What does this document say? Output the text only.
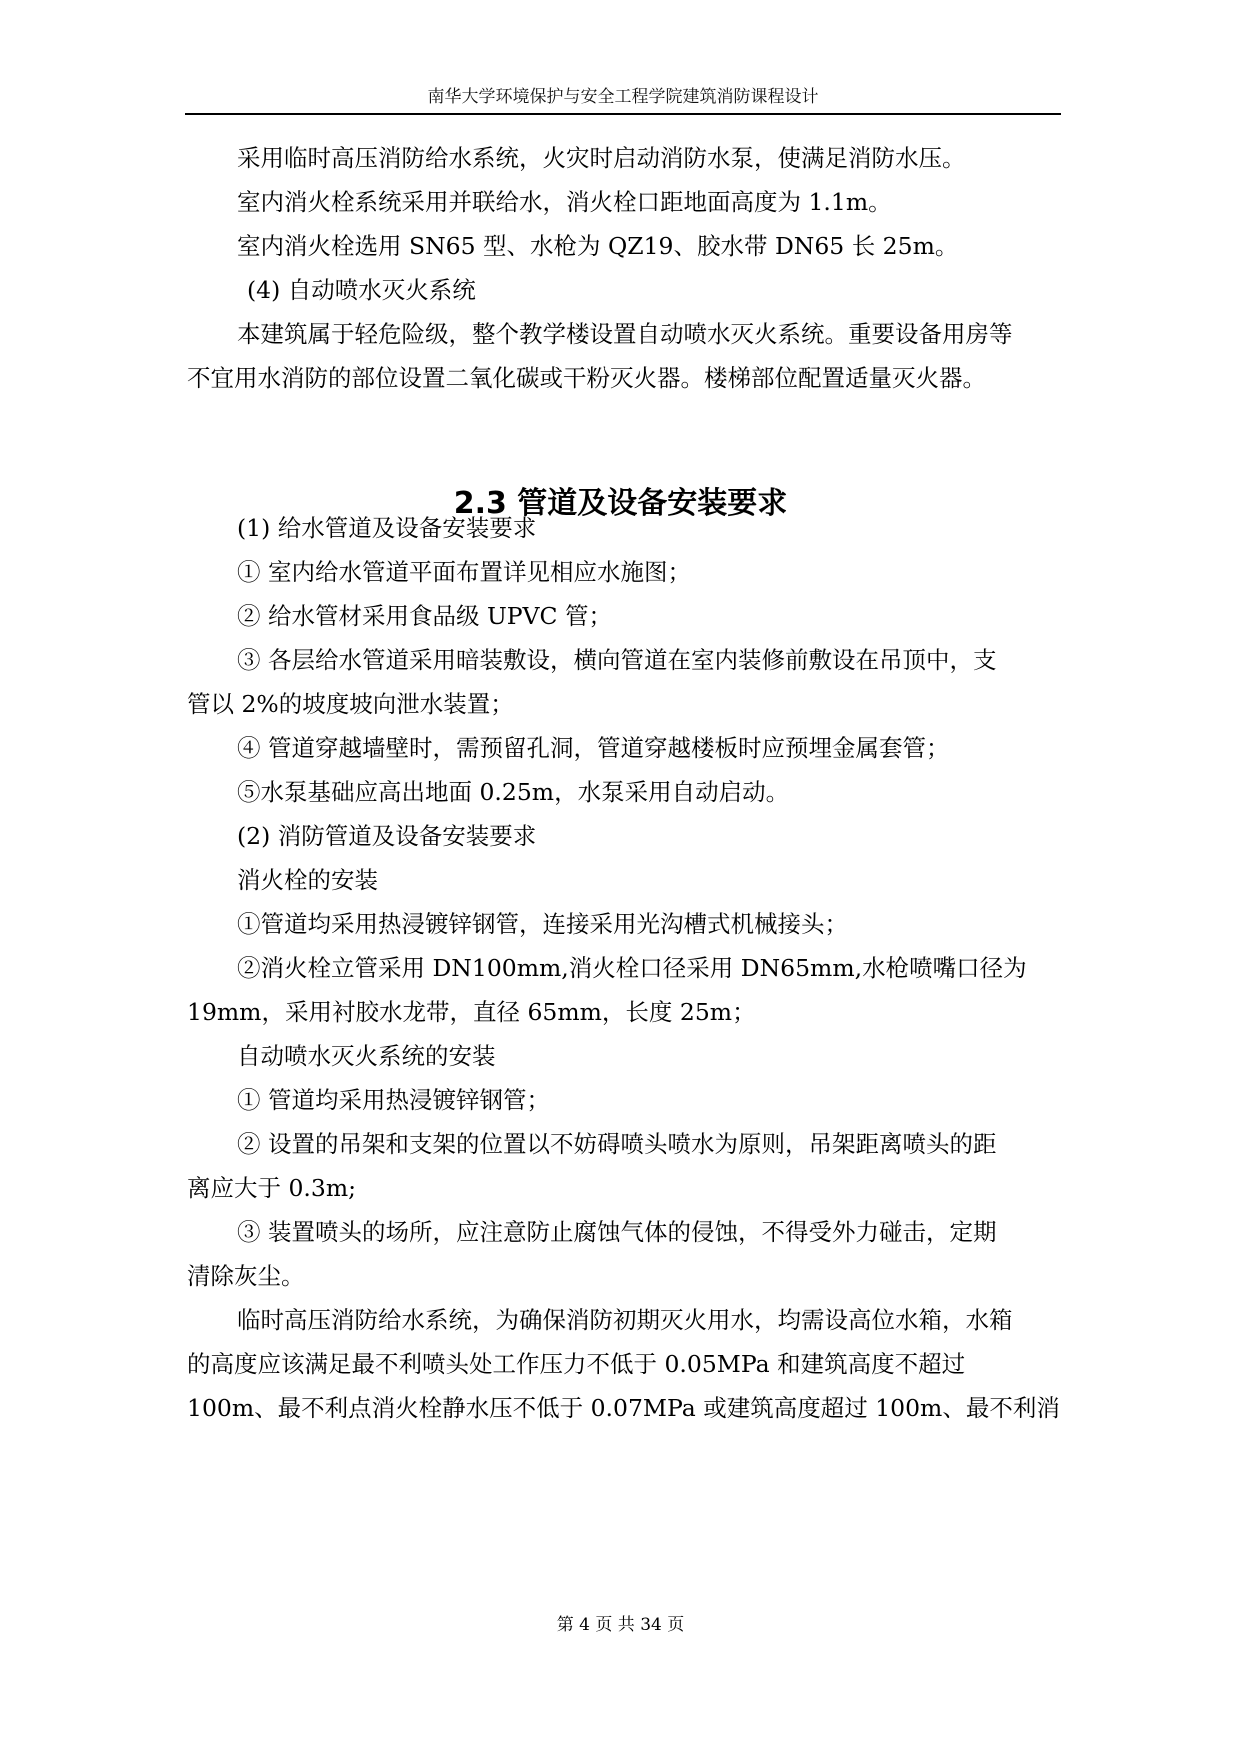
南华大学环境保护与安全工程学院建筑消防课程设计
采用临时高压消防给水系统，火灾时启动消防水泵，使满足消防水压。
室内消火栓系统采用并联给水，消火栓口距地面高度为 1.1m。
室内消火栓选用 SN65 型、水枪为 QZ19、胶水带 DN65 长 25m。
(4) 自动喷水灭火系统
本建筑属于轻危险级，整个教学楼设置自动喷水灭火系统。重要设备用房等
不宜用水消防的部位设置二氧化碳或干粉灭火器。楼梯部位配置适量灭火器。
2.3 管道及设备安装要求
(1) 给水管道及设备安装要求
① 室内给水管道平面布置详见相应水施图；
② 给水管材采用食品级 UPVC 管；
③ 各层给水管道采用暗装敷设，横向管道在室内装修前敷设在吊顶中，支
管以 2%的坡度坡向泄水装置；
④ 管道穿越墙壁时，需预留孔洞，管道穿越楼板时应预埋金属套管；
⑤水泵基础应高出地面 0.25m，水泵采用自动启动。
(2) 消防管道及设备安装要求
消火栓的安装
①管道均采用热浸镀锌钢管，连接采用光沟槽式机械接头；
②消火栓立管采用 DN100mm,消火栓口径采用 DN65mm,水枪喷嘴口径为
19mm，采用衬胶水龙带，直径 65mm，长度 25m；
自动喷水灭火系统的安装
① 管道均采用热浸镀锌钢管；
② 设置的吊架和支架的位置以不妨碍喷头喷水为原则，吊架距离喷头的距
离应大于 0.3m;
③ 装置喷头的场所，应注意防止腐蚀气体的侵蚀，不得受外力碰击，定期
清除灰尘。
临时高压消防给水系统，为确保消防初期灭火用水，均需设高位水箱，水箱
的高度应该满足最不利喷头处工作压力不低于 0.05MPa 和建筑高度不超过
100m、最不利点消火栓静水压不低于 0.07MPa 或建筑高度超过 100m、最不利消
第 4 页 共 34 页
